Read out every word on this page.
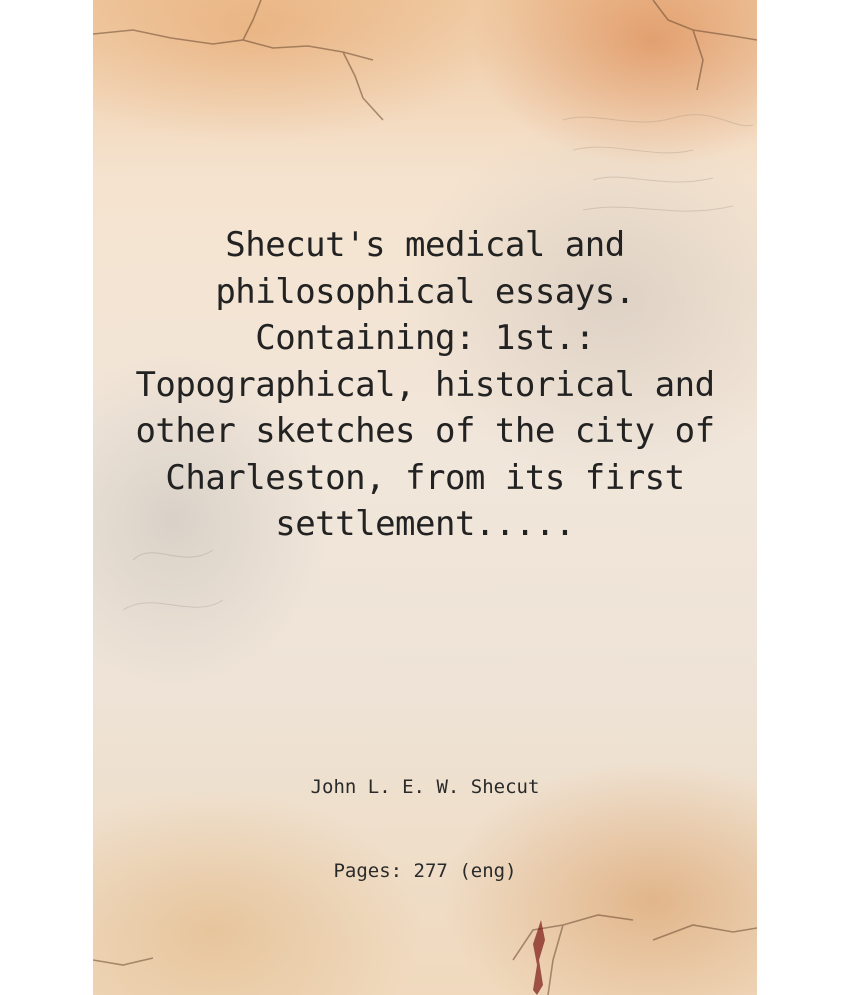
Shecut's medical and philosophical essays. Containing: 1st.: Topographical, historical and other sketches of the city of Charleston, from its first settlement.....
John L. E. W. Shecut
Pages: 277 (eng)
